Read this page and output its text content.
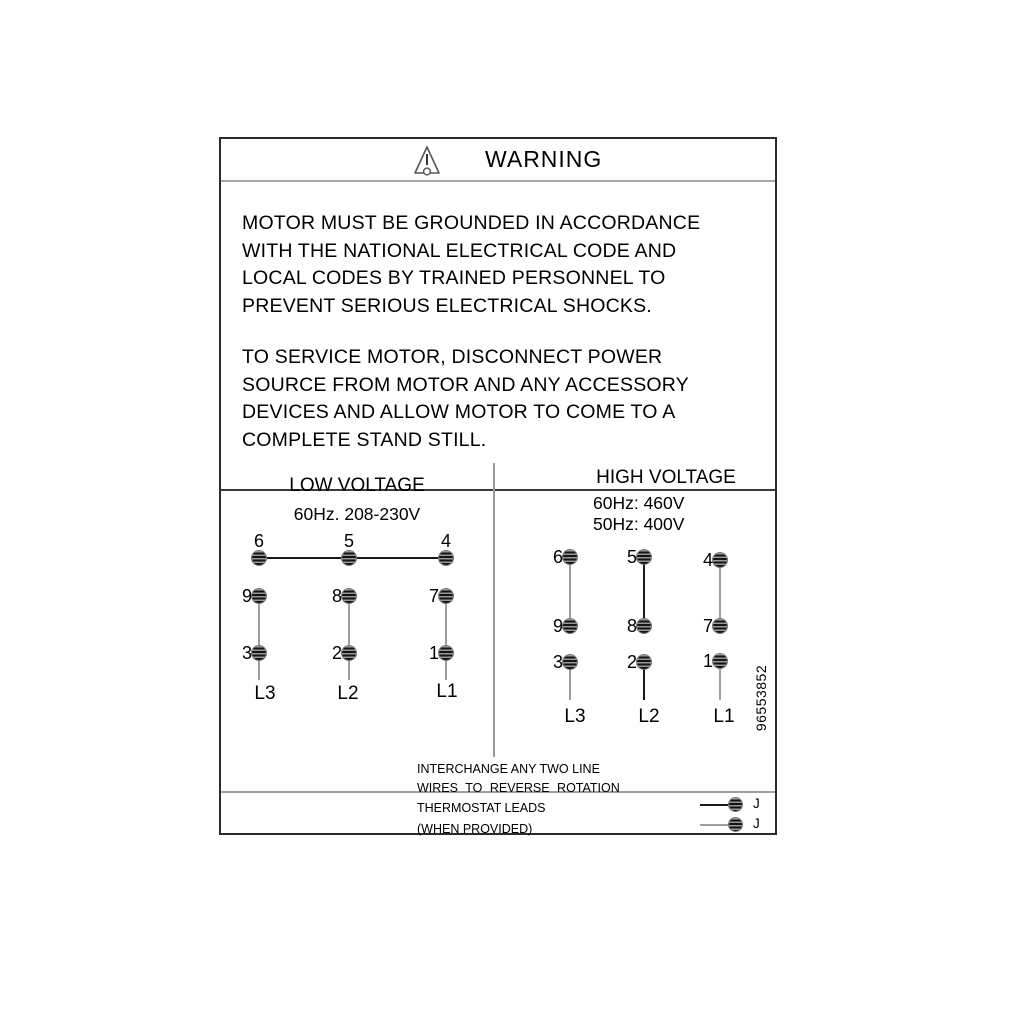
WARNING
MOTOR MUST BE GROUNDED IN ACCORDANCE
WITH THE NATIONAL ELECTRICAL CODE AND
LOCAL CODES BY TRAINED PERSONNEL TO
PREVENT SERIOUS ELECTRICAL SHOCKS.
TO SERVICE MOTOR, DISCONNECT POWER
SOURCE FROM MOTOR AND ANY ACCESSORY
DEVICES AND ALLOW MOTOR TO COME TO A
COMPLETE STAND STILL.
LOW VOLTAGE
60Hz. 208-230V
6	5	4
9	8	7
3	2	1
L3	L2	L1
HIGH VOLTAGE
60Hz: 460V
50Hz: 400V
6	5	4
9	8	7
3	2	1
L3	L2	L1
INTERCHANGE ANY TWO LINE
WIRES TO REVERSE ROTATION
THERMOSTAT LEADS
(WHEN PROVIDED)
J
J
96553852
